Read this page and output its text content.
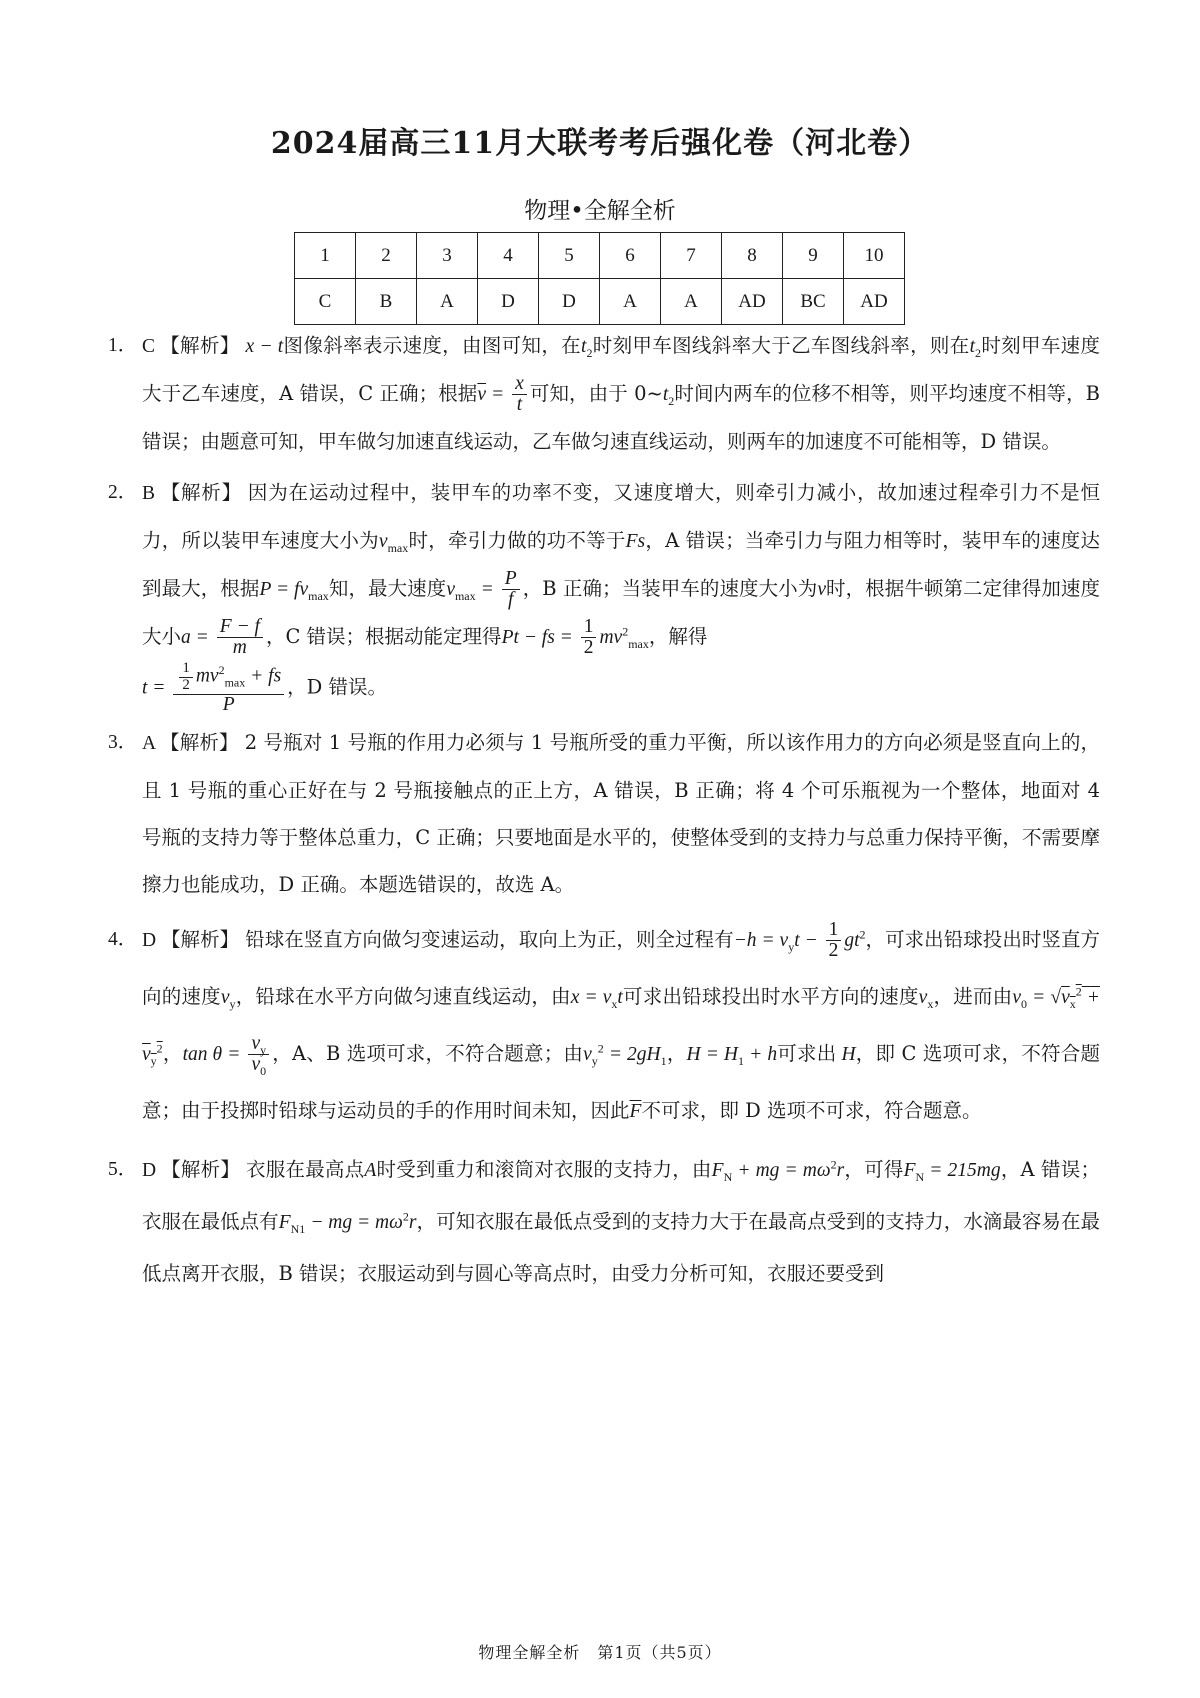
2024届高三11月大联考考后强化卷（河北卷）
物理•全解全析
1	2	3	4	5	6	7	8	9	10
C	B	A	D	D	A	A	AD	BC	AD
1． C 【解析】 x − t图像斜率表示速度，由图可知，在$t_2$时刻甲车图线斜率大于乙车图线斜率，则在$t_2$时刻甲车速度大于乙车速度，A 错误，C 正确；根据$\overline{v} = \frac{x}{t}$ 可知，由于 $0\sim t_2$时间内两车的位移不相等，则平均速度不相等，B 错误；由题意可知，甲车做匀加速直线运动，乙车做匀速直线运动，则两车的加速度不可能相等，D 错误。
2． B 【解析】 因为在运动过程中，装甲车的功率不变，又速度增大，则牵引力减小，故加速过程牵引力不是恒力，所以装甲车速度大小为$v_{max}$时，牵引力做的功不等于Fs，A 错误；当牵引力与阻力相等时，装甲车的速度达到最大，根据$P = fv_{max}$知，最大速度$v_{max} = \frac{P}{f}$ ，B 正确；当装甲车的速度大小为v时，根据牛顿第二定律得加速度大小$a = \frac{F - f}{m}$ ，C 错误；根据动能定理得Pt − fs = $\frac{1}{2} mv^2_{max}$，解得
$t = \frac{\frac{1}{2} mv^2_{max} + fs}{P}$ ，D 错误。
3． A 【解析】 2 号瓶对 1 号瓶的作用力必须与 1 号瓶所受的重力平衡，所以该作用力的方向必须是竖直向上的，且 1 号瓶的重心正好在与 2 号瓶接触点的正上方，A 错误，B 正确；将 4 个可乐瓶视为一个整体，地面对 4 号瓶的支持力等于整体总重力，C 正确；只要地面是水平的，使整体受到的支持力与总重力保持平衡，不需要摩擦力也能成功，D 正确。本题选错误的，故选 A。
4． D 【解析】 铅球在竖直方向做匀变速运动，取向上为正，则全过程有$-h = v_yt - \frac{1}{2} gt^2$，可求出铅球投出时竖直方向的速度$v_y$，铅球在水平方向做匀速直线运动，由$x = v_xt$可求出铅球投出时水平方向的速度$v_x$，进而由$v_0 = √v_x^2 + v_y^2$，$\tan \theta = \frac{v_y}{v_0}$ ，A、B 选项可求，不符合题意；由$v_y^2 = 2gH_1$，$H = H_1 + h$可求出 H，即 C 选项可求，不符合题意；由于投掷时铅球与运动员的手的作用时间未知，因此$\overline{F}$不可求，即 D 选项不可求，符合题意。
5． D 【解析】 衣服在最高点A时受到重力和滚筒对衣服的支持力，由$F_N$ + mg = $m\omega^2r$，可得$F_N = 215mg$，A 错误；衣服在最低点有$F_{N1}$ − mg = $m\omega^2r$，可知衣服在最低点受到的支持力大于在最高点受到的支持力，水滴最容易在最低点离开衣服，B 错误；衣服运动到与圆心等高点时，由受力分析可知，衣服还要受到
物理全解全析　第1页（共5页）
